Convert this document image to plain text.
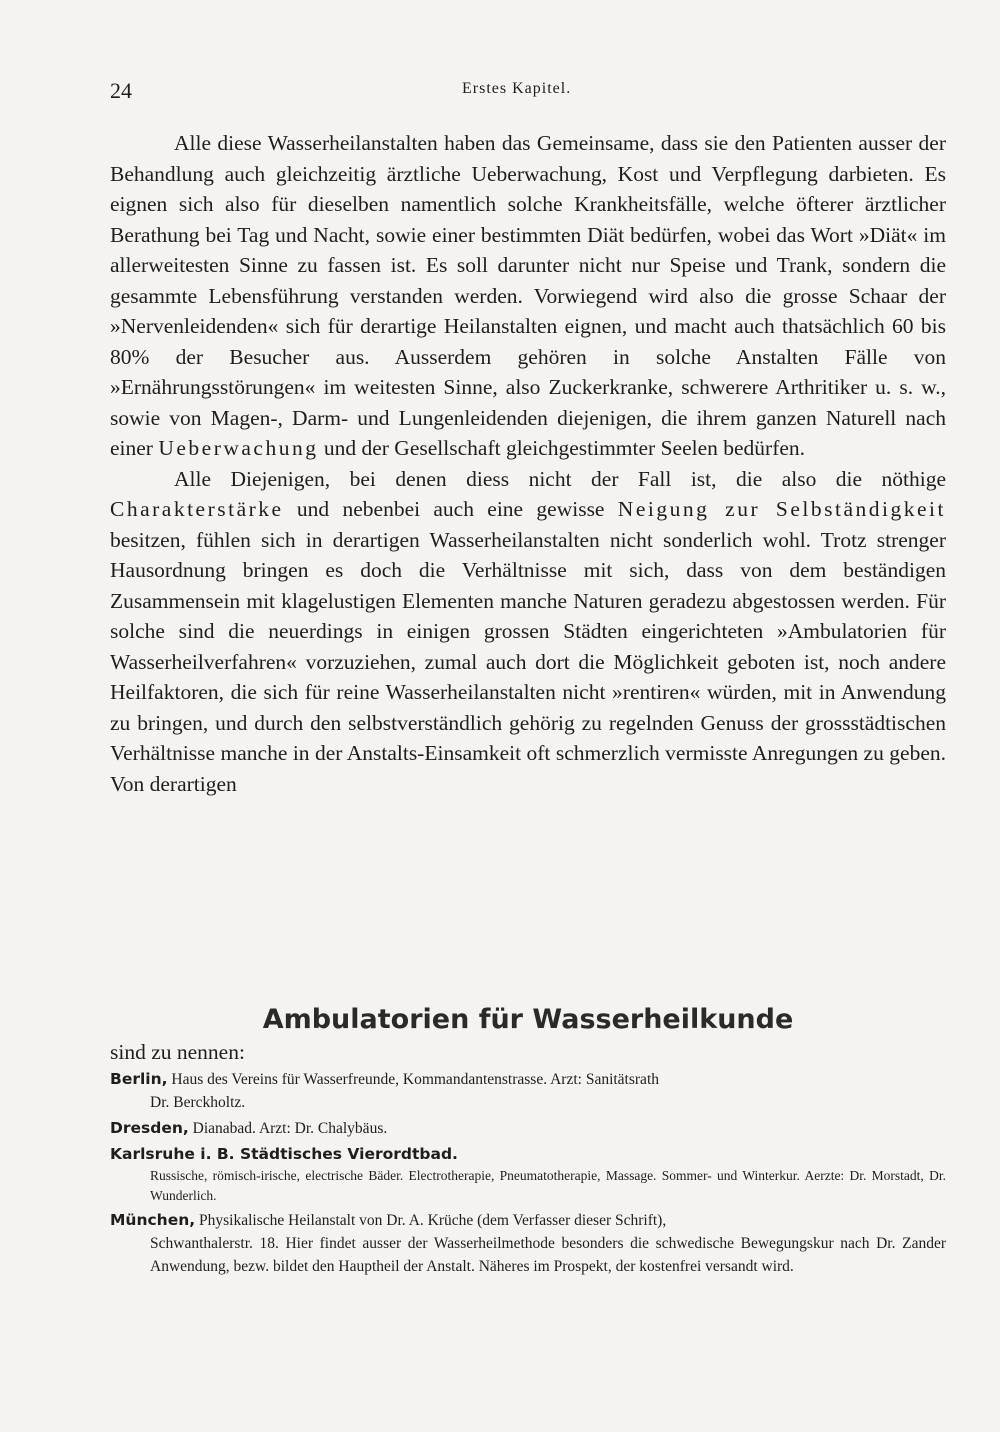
24	Erstes Kapitel.

Alle diese Wasserheilanstalten haben das Gemeinsame, dass sie den Patienten ausser der Behandlung auch gleichzeitig ärztliche Ueberwachung, Kost und Verpflegung darbieten. Es eignen sich also für dieselben namentlich solche Krankheitsfälle, welche öfterer ärztlicher Berathung bei Tag und Nacht, sowie einer bestimmten Diät bedürfen, wobei das Wort »Diät« im allerweitesten Sinne zu fassen ist. Es soll darunter nicht nur Speise und Trank, sondern die gesammte Lebensführung verstanden werden. Vorwiegend wird also die grosse Schaar der »Nervenleidenden« sich für derartige Heilanstalten eignen, und macht auch thatsächlich 60 bis 80% der Besucher aus. Ausserdem gehören in solche Anstalten Fälle von »Ernährungsstörungen« im weitesten Sinne, also Zuckerkranke, schwerere Arthritiker u. s. w., sowie von Magen-, Darm- und Lungenleidenden diejenigen, die ihrem ganzen Naturell nach einer Ueberwachung und der Gesellschaft gleichgestimmter Seelen bedürfen.

Alle Diejenigen, bei denen diess nicht der Fall ist, die also die nöthige Charakterstärke und nebenbei auch eine gewisse Neigung zur Selbständigkeit besitzen, fühlen sich in derartigen Wasserheilanstalten nicht sonderlich wohl. Trotz strenger Hausordnung bringen es doch die Verhältnisse mit sich, dass von dem beständigen Zusammensein mit klagelustigen Elementen manche Naturen geradezu abgestossen werden. Für solche sind die neuerdings in einigen grossen Städten eingerichteten »Ambulatorien für Wasserheilverfahren« vorzuziehen, zumal auch dort die Möglichkeit geboten ist, noch andere Heilfaktoren, die sich für reine Wasserheilanstalten nicht »rentiren« würden, mit in Anwendung zu bringen, und durch den selbstverständlich gehörig zu regelnden Genuss der grossstädtischen Verhältnisse manche in der Anstalts-Einsamkeit oft schmerzlich vermisste Anregungen zu geben. Von derartigen

Ambulatorien für Wasserheilkunde
sind zu nennen:
Berlin, Haus des Vereins für Wasserfreunde, Kommandantenstrasse. Arzt: Sanitätsrath
Dr. Berckholtz.
Dresden, Dianabad. Arzt: Dr. Chalybäus.
Karlsruhe i. B. Städtisches Vierordtbad.
Russische, römisch-irische, electrische Bäder. Electrotherapie, Pneumatotherapie, Massage. Sommer- und Winterkur. Aerzte: Dr. Morstadt, Dr. Wunderlich.
München, Physikalische Heilanstalt von Dr. A. Krüche (dem Verfasser dieser Schrift),
Schwanthalerstr. 18. Hier findet ausser der Wasserheilmethode besonders die schwedische Bewegungskur nach Dr. Zander Anwendung, bezw. bildet den Hauptheil der Anstalt. Näheres im Prospekt, der kostenfrei versandt wird.
